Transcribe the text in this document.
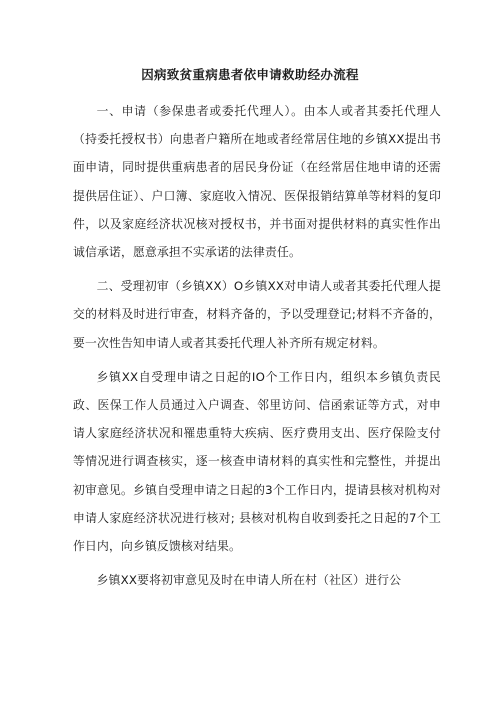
因病致贫重病患者依申请救助经办流程

一、申请（参保患者或委托代理人）。由本人或者其委托代理人（持委托授权书）向患者户籍所在地或者经常居住地的乡镇XX提出书面申请，同时提供重病患者的居民身份证（在经常居住地申请的还需提供居住证）、户口簿、家庭收入情况、医保报销结算单等材料的复印件，以及家庭经济状况核对授权书，并书面对提供材料的真实性作出诚信承诺，愿意承担不实承诺的法律责任。

二、受理初审（乡镇XX）O乡镇XX对申请人或者其委托代理人提交的材料及时进行审查，材料齐备的，予以受理登记;材料不齐备的，要一次性告知申请人或者其委托代理人补齐所有规定材料。

乡镇XX自受理申请之日起的IO个工作日内，组织本乡镇负责民政、医保工作人员通过入户调查、邻里访问、信函索证等方式，对申请人家庭经济状况和罹患重特大疾病、医疗费用支出、医疗保险支付等情况进行调查核实，逐一核查申请材料的真实性和完整性，并提出初审意见。乡镇自受理申请之日起的3个工作日内，提请县核对机构对申请人家庭经济状况进行核对; 县核对机构自收到委托之日起的7个工作日内，向乡镇反馈核对结果。

乡镇XX要将初审意见及时在申请人所在村（社区）进行公
